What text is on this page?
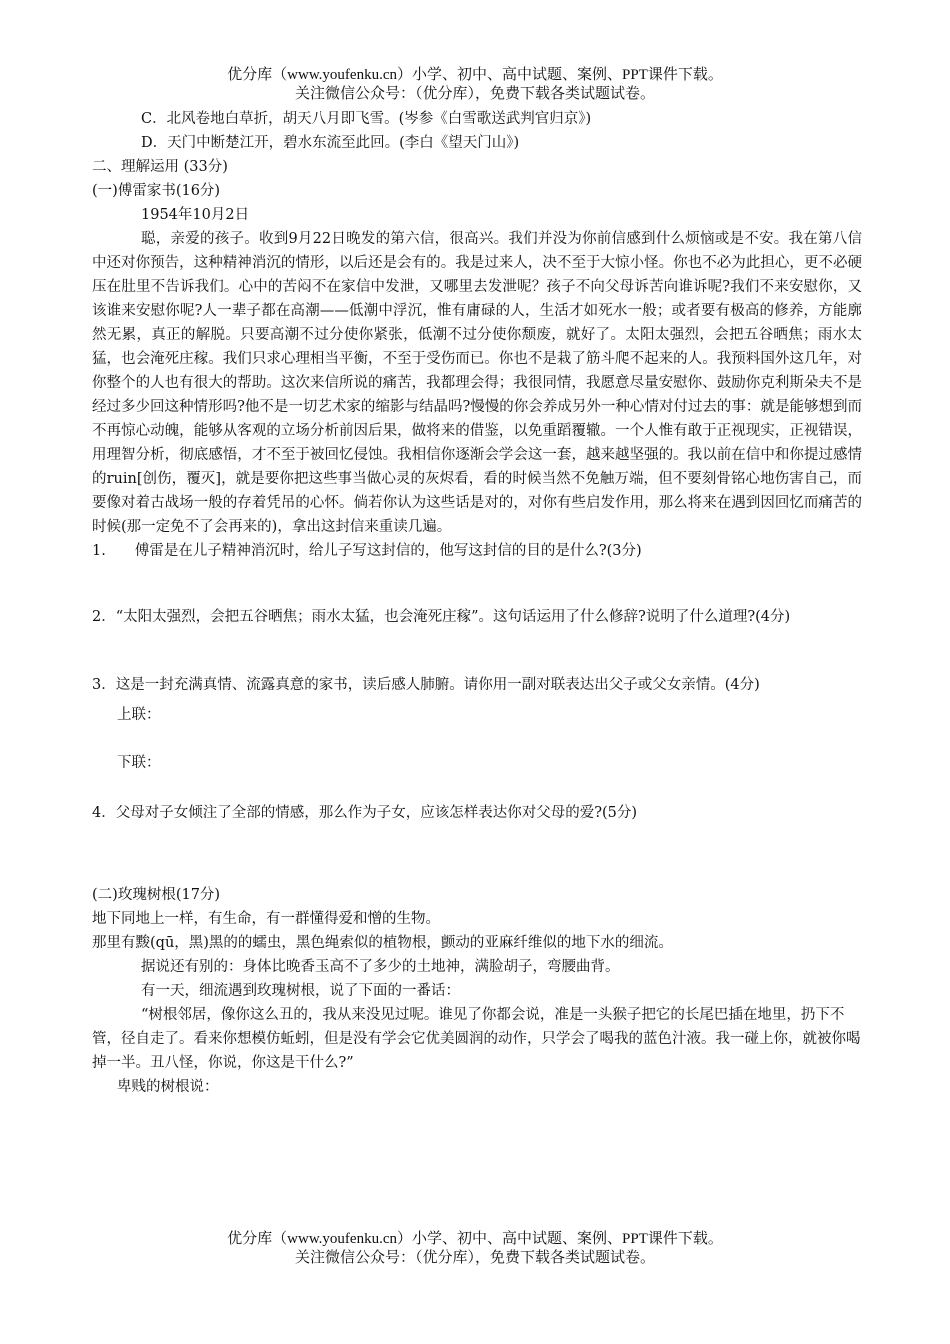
优分库（www.youfenku.cn）小学、初中、高中试题、案例、PPT课件下载。
关注微信公众号：（优分库），免费下载各类试题试卷。

C．北风卷地白草折，胡天八月即飞雪。(岑参《白雪歌送武判官归京》)

D．天门中断楚江开，碧水东流至此回。(李白《望天门山》)

二、理解运用 (33分)

(一)傅雷家书(16分)

1954年10月2日

聪，亲爱的孩子。收到9月22日晚发的第六信，很高兴。我们并没为你前信感到什么烦恼或是不安。我在第八信中还对你预告，这种精神消沉的情形，以后还是会有的。我是过来人，决不至于大惊小怪。你也不必为此担心，更不必硬压在肚里不告诉我们。心中的苦闷不在家信中发泄，又哪里去发泄呢？孩子不向父母诉苦向谁诉呢?我们不来安慰你，又该谁来安慰你呢?人一辈子都在高潮——低潮中浮沉，惟有庸碌的人，生活才如死水一般；或者要有极高的修养，方能廓然无累，真正的解脱。只要高潮不过分使你紧张，低潮不过分使你颓废，就好了。太阳太强烈，会把五谷晒焦；雨水太猛，也会淹死庄稼。我们只求心理相当平衡，不至于受伤而已。你也不是栽了筋斗爬不起来的人。我预料国外这几年，对你整个的人也有很大的帮助。这次来信所说的痛苦，我都理会得；我很同情，我愿意尽量安慰你、鼓励你克利斯朵夫不是经过多少回这种情形吗?他不是一切艺术家的缩影与结晶吗?慢慢的你会养成另外一种心情对付过去的事：就是能够想到而不再惊心动魄，能够从客观的立场分析前因后果，做将来的借鉴，以免重蹈覆辙。一个人惟有敢于正视现实，正视错误，用理智分析，彻底感悟，才不至于被回忆侵蚀。我相信你逐渐会学会这一套，越来越坚强的。我以前在信中和你提过感情的ruin[创伤，覆灭]，就是要你把这些事当做心灵的灰烬看，看的时候当然不免触万端，但不要刻骨铭心地伤害自己，而要像对着古战场一般的存着凭吊的心怀。倘若你认为这些话是对的，对你有些启发作用，那么将来在遇到因回忆而痛苦的时候(那一定免不了会再来的)，拿出这封信来重读几遍。

1.　　傅雷是在儿子精神消沉时，给儿子写这封信的，他写这封信的目的是什么?(3分)

2．“太阳太强烈，会把五谷晒焦；雨水太猛，也会淹死庄稼”。这句话运用了什么修辞?说明了什么道理?(4分)

3．这是一封充满真情、流露真意的家书，读后感人肺腑。请你用一副对联表达出父子或父女亲情。(4分)

上联：

下联：

4．父母对子女倾注了全部的情感，那么作为子女，应该怎样表达你对父母的爱?(5分)

(二)玫瑰树根(17分)

地下同地上一样，有生命，有一群懂得爱和憎的生物。

那里有黢(qū，黑)黑的的蠕虫，黑色绳索似的植物根，颤动的亚麻纤维似的地下水的细流。

据说还有别的：身体比晚香玉高不了多少的土地神，满脸胡子，弯腰曲背。

有一天，细流遇到玫瑰树根，说了下面的一番话：

“树根邻居，像你这么丑的，我从来没见过呢。谁见了你都会说，准是一头猴子把它的长尾巴插在地里，扔下不管，径自走了。看来你想模仿蚯蚓，但是没有学会它优美圆润的动作，只学会了喝我的蓝色汁液。我一碰上你，就被你喝掉一半。丑八怪，你说，你这是干什么?”

卑贱的树根说：

优分库（www.youfenku.cn）小学、初中、高中试题、案例、PPT课件下载。
关注微信公众号：（优分库），免费下载各类试题试卷。
